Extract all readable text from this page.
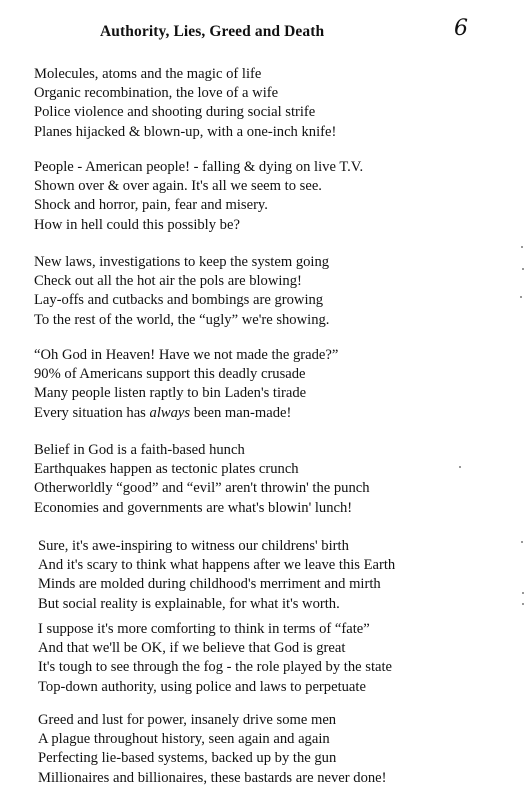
Authority, Lies, Greed and Death	6
Molecules, atoms and the magic of life
Organic recombination, the love of a wife
Police violence and shooting during social strife
Planes hijacked & blown-up, with a one-inch knife!
People - American people! - falling & dying on live T.V.
Shown over & over again. It's all we seem to see.
Shock and horror, pain, fear and misery.
How in hell could this possibly be?
New laws, investigations to keep the system going
Check out all the hot air the pols are blowing!
Lay-offs and cutbacks and bombings are growing
To the rest of the world, the “ugly” we're showing.
“Oh God in Heaven! Have we not made the grade?”
90% of Americans support this deadly crusade
Many people listen raptly to bin Laden's tirade
Every situation has always been man-made!
Belief in God is a faith-based hunch
Earthquakes happen as tectonic plates crunch
Otherworldly “good” and “evil” aren't throwin' the punch
Economies and governments are what's blowin' lunch!
Sure, it's awe-inspiring to witness our childrens' birth
And it's scary to think what happens after we leave this Earth
Minds are molded during childhood's merriment and mirth
But social reality is explainable, for what it's worth.
I suppose it's more comforting to think in terms of “fate”
And that we'll be OK, if we believe that God is great
It's tough to see through the fog - the role played by the state
Top-down authority, using police and laws to perpetuate
Greed and lust for power, insanely drive some men
A plague throughout history, seen again and again
Perfecting lie-based systems, backed up by the gun
Millionaires and billionaires, these bastards are never done!
